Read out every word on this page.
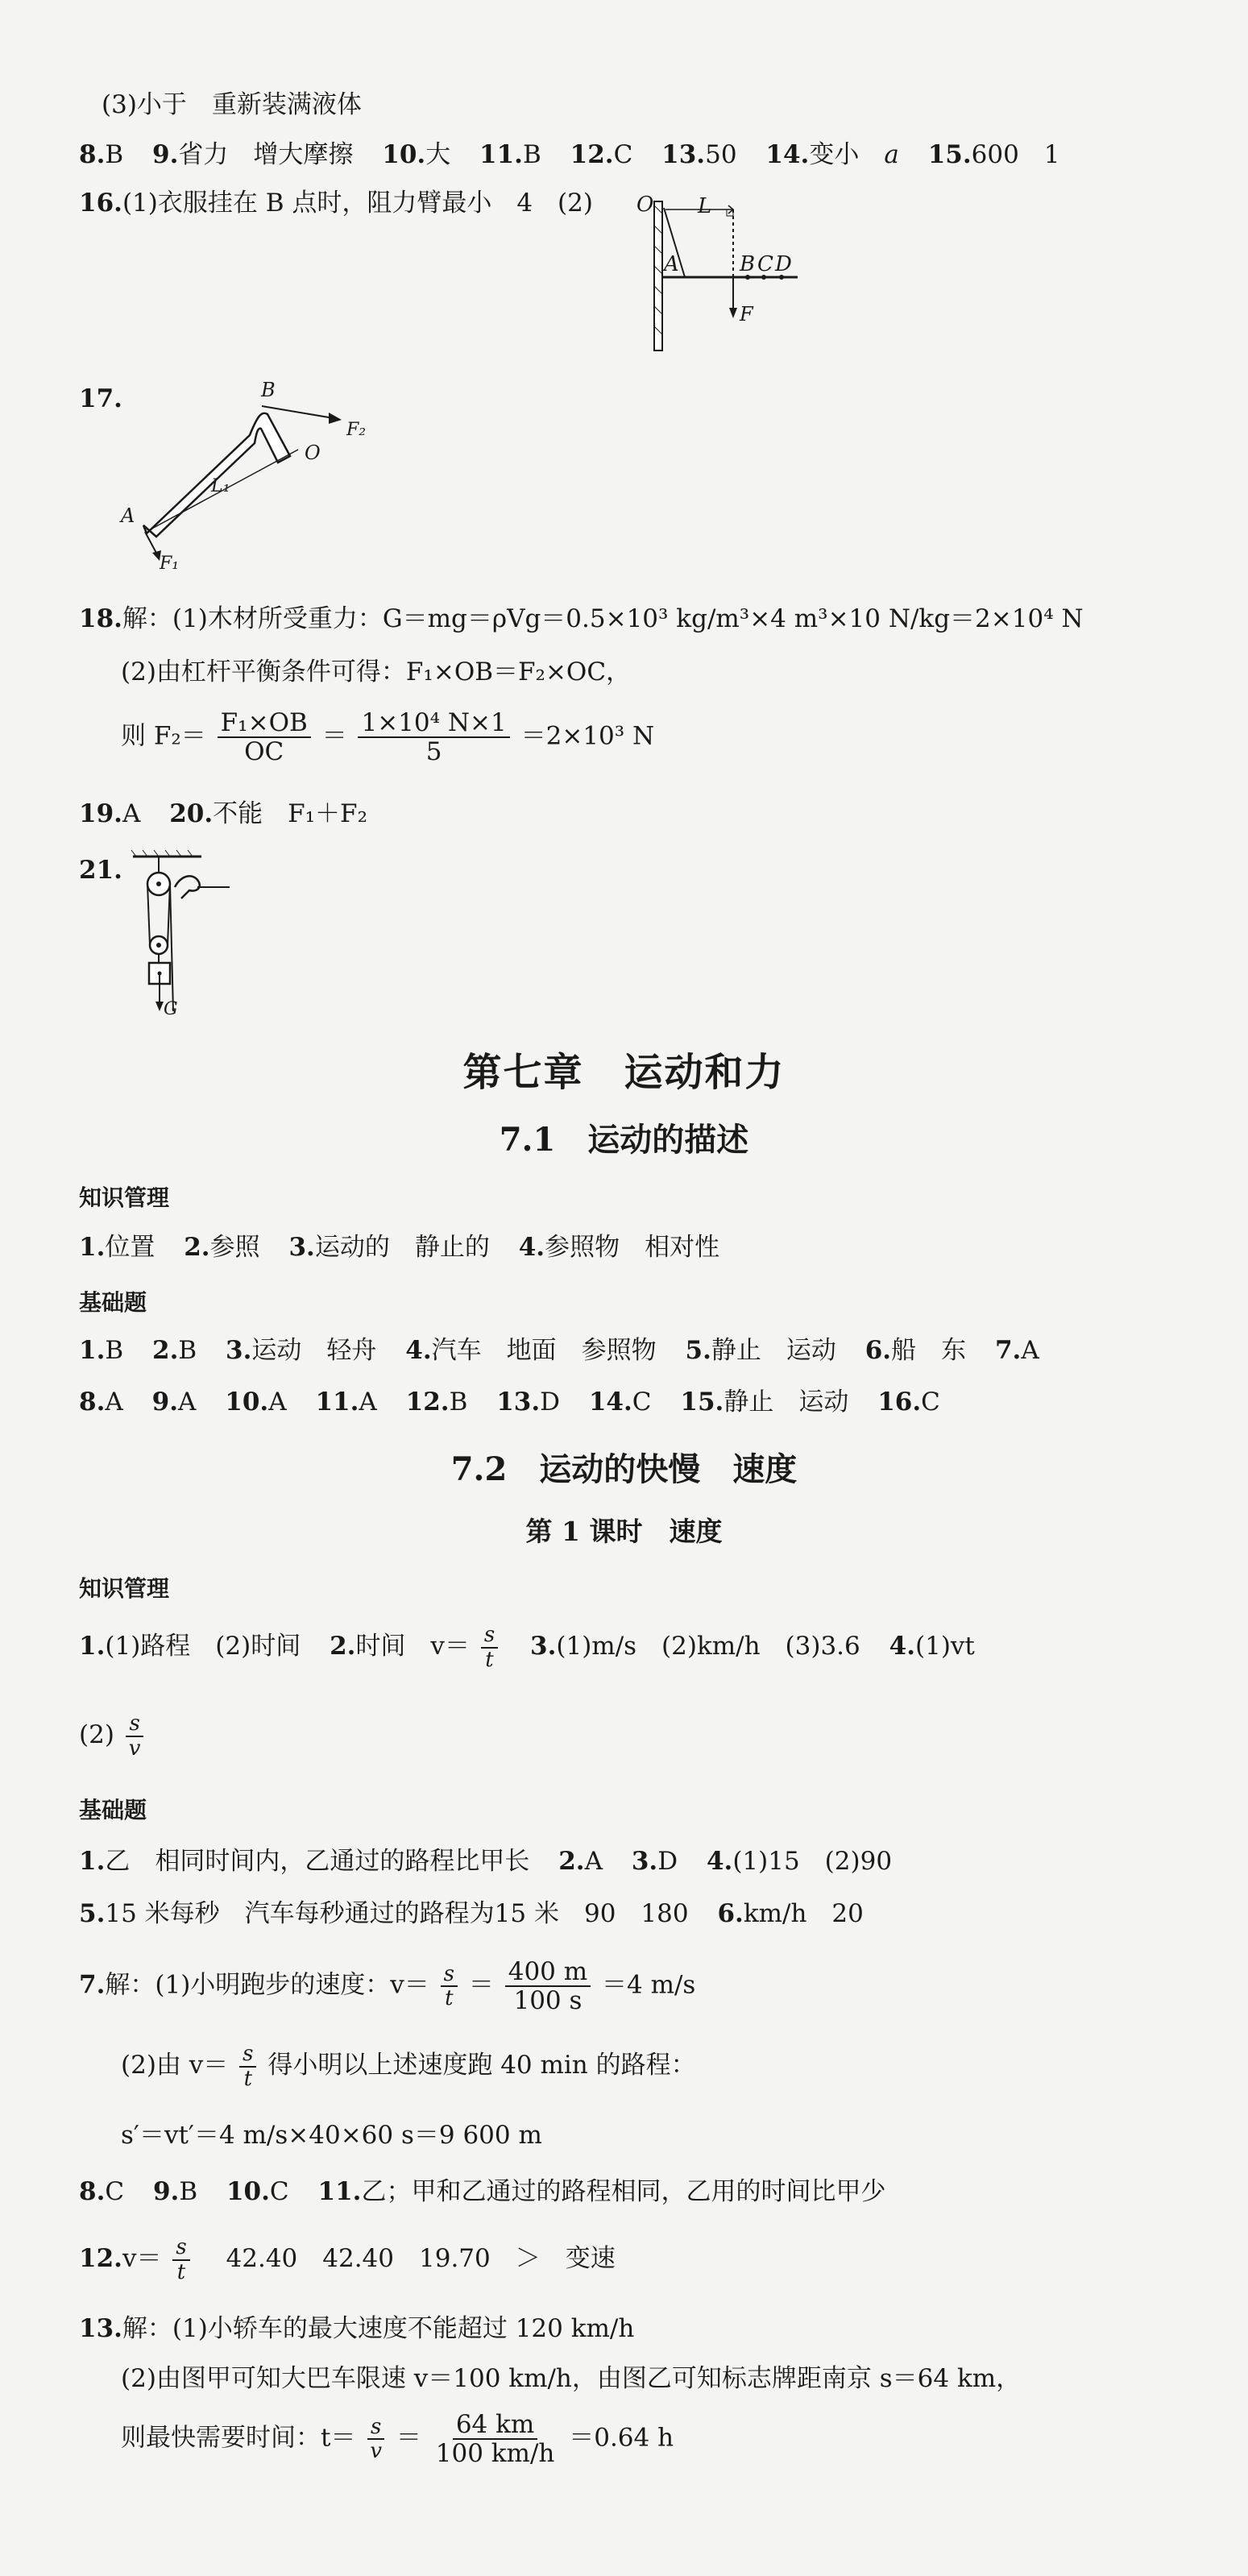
(3)小于　重新装满液体
8.B 9.省力　增大摩擦 10.大 11.B 12.C 13.50 14.变小　a 15.600　1
16.(1)衣服挂在 B 点时，阻力臂最小　4　(2) O L
A	B C D
F
17.	B
F₂
O
L₁
A
F₁
18.解：(1)木材所受重力：G＝mg＝ρVg＝0.5×10³ kg/m³×4 m³×10 N/kg＝2×10⁴ N
(2)由杠杆平衡条件可得：F₁×OB＝F₂×OC，
则 $F_2= \frac{\text{F₁×OB}}{OC} = \frac{\text{1×10⁴ N×1}}{5} =2\times 10^3$ N
19.A 20.不能　F₁＋F₂
21.
G
第七章　运动和力
7.1　运动的描述
知识管理
1.位置 2.参照 3.运动的　静止的 4.参照物　相对性
基础题
1.B 2.B 3.运动　轻舟 4.汽车　地面　参照物 5.静止　运动 6.船　东 7.A
8.A 9.A 10.A 11.A 12.B 13.D 14.C 15.静止　运动 16.C
7.2　运动的快慢　速度
第 1 课时　速度
知识管理
1.(1)路程　(2)时间 2.时间　$v= \frac{s}{t} 3.(1)m/s$　(2)km/h　(3)3.6 4.(1)vt
$(2) \frac{s}{v}$
基础题
1.乙　相同时间内，乙通过的路程比甲长 2.A 3.D 4.(1)15　(2)90
5.15 米每秒　汽车每秒通过的路程为15 米　90　180 6.km/h　20
7.解：(1)小明跑步的速度：$v= \frac{s}{t} = \frac{400 m}{100 s} =4$ m/s
(2)由 $v= \frac{s}{t}$ 得小明以上述速度跑 40 min 的路程：
s′＝vt′＝4 m/s×40×60 s＝9 600 m
8.C 9.B 10.C 11.乙；甲和乙通过的路程相同，乙用的时间比甲少
$12.v= \frac{s}{t}$ 　42.40　42.40　19.70　＞　变速
13.解：(1)小轿车的最大速度不能超过 120 km/h
(2)由图甲可知大巴车限速 v＝100 km/h，由图乙可知标志牌距南京 s＝64 km，
则最快需要时间：$t= \frac{s}{v} = \frac{64 km}{100 km/h} =0.64$ h
